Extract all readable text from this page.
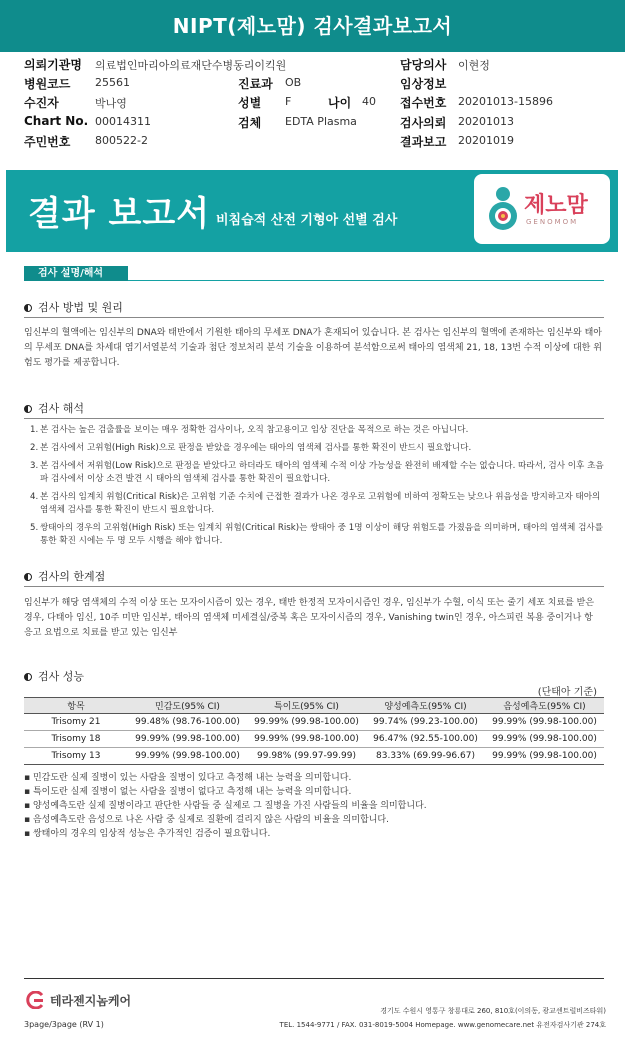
NIPT(제노맘) 검사결과보고서
의뢰기관명 의료법인마리아의료재단수병동리이킥원	담당의사 이현정
병원코드 25561	진료과 OB	임상정보
수진자	박나영	성별 F	나이 40 접수번호 20201013-15896
Chart No. 00014311	검체 EDTA Plasma	검사의뢰 20201013
주민번호 800522-2	결과보고 20201019
결과 보고서 비침습적 산전 기형아 선별 검사
제노맘
GENOMOM
검사 설명/해석
검사 방법 및 원리
임신부의 혈액에는 임신부의 DNA와 태반에서 기원한 태아의 무세포 DNA가 혼재되어 있습니다. 본 검사는 임신부의 혈액에 존재하는 임신부와 태아의 무세포 DNA를 차세대 염기서열분석 기술과 첨단 정보처리 분석 기술을 이용하여 분석함으로써 태아의 염색체 21, 18, 13번 수적 이상에 대한 위험도 평가를 제공합니다.
검사 해석
1. 본 검사는 높은 검출률을 보이는 매우 정확한 검사이나, 오직 참고용이고 임상 진단을 목적으로 하는 것은 아닙니다.
2. 본 검사에서 고위험(High Risk)으로 판정을 받았을 경우에는 태아의 염색체 검사를 통한 확진이 반드시 필요합니다.
3. 본 검사에서 저위험(Low Risk)으로 판정을 받았다고 하더라도 태아의 염색체 수적 이상 가능성을 완전히 배제할 수는 없습니다. 따라서, 검사 이후 초음파 검사에서 이상 소견 발견 시 태아의 염색체 검사를 통한 확진이 필요합니다.
4. 본 검사의 임계치 위험(Critical Risk)은 고위험 기준 수치에 근접한 결과가 나온 경우로 고위험에 비하여 정확도는 낮으나 위음성을 방지하고자 태아의 염색체 검사를 통한 확진이 반드시 필요합니다.
5. 쌍태아의 경우의 고위험(High Risk) 또는 임계치 위험(Critical Risk)는 쌍태아 중 1명 이상이 해당 위험도를 가졌음을 의미하며, 태아의 염색체 검사를 통한 확진 시에는 두 명 모두 시행을 해야 합니다.
검사의 한계점
임신부가 해당 염색체의 수적 이상 또는 모자이시즘이 있는 경우, 태반 한정적 모자이시즘인 경우, 임신부가 수혈, 이식 또는 줄기 세포 치료를 받은 경우, 다태아 임신, 10주 미만 임신부, 태아의 염색체 미세결실/중복 혹은 모자이시즘의 경우, Vanishing twin인 경우, 아스피린 복용 중이거나 항 응고 요법으로 치료를 받고 있는 임신부
검사 성능
(단태아 기준)
항목	민감도(95% CI)	특이도(95% CI)	양성예측도(95% CI)	음성예측도(95% CI)
Trisomy 21	99.48% (98.76-100.00)	99.99% (99.98-100.00)	99.74% (99.23-100.00)	99.99% (99.98-100.00)
Trisomy 18	99.99% (99.98-100.00)	99.99% (99.98-100.00)	96.47% (92.55-100.00)	99.99% (99.98-100.00)
Trisomy 13	99.99% (99.98-100.00)	99.98% (99.97-99.99)	83.33% (69.99-96.67)	99.99% (99.98-100.00)
▪ 민감도란 실제 질병이 있는 사람을 질병이 있다고 측정해 내는 능력을 의미합니다.
▪ 특이도란 실제 질병이 없는 사람을 질병이 없다고 측정해 내는 능력을 의미합니다.
▪ 양성예측도란 실제 질병이라고 판단한 사람들 중 실제로 그 질병을 가진 사람들의 비율을 의미합니다.
▪ 음성예측도란 음성으로 나온 사람 중 실제로 질환에 걸리지 않은 사람의 비율을 의미합니다.
▪ 쌍태아의 경우의 임상적 성능은 추가적인 검증이 필요합니다.
테라젠지놈케어
경기도 수원시 영통구 창룡대로 260, 810호(이의동, 광교센트럴비즈타워)
3page/3page (RV 1)	TEL. 1544-9771 / FAX. 031-8019-5004 Homepage. www.genomecare.net 유전자검사기관 274호
